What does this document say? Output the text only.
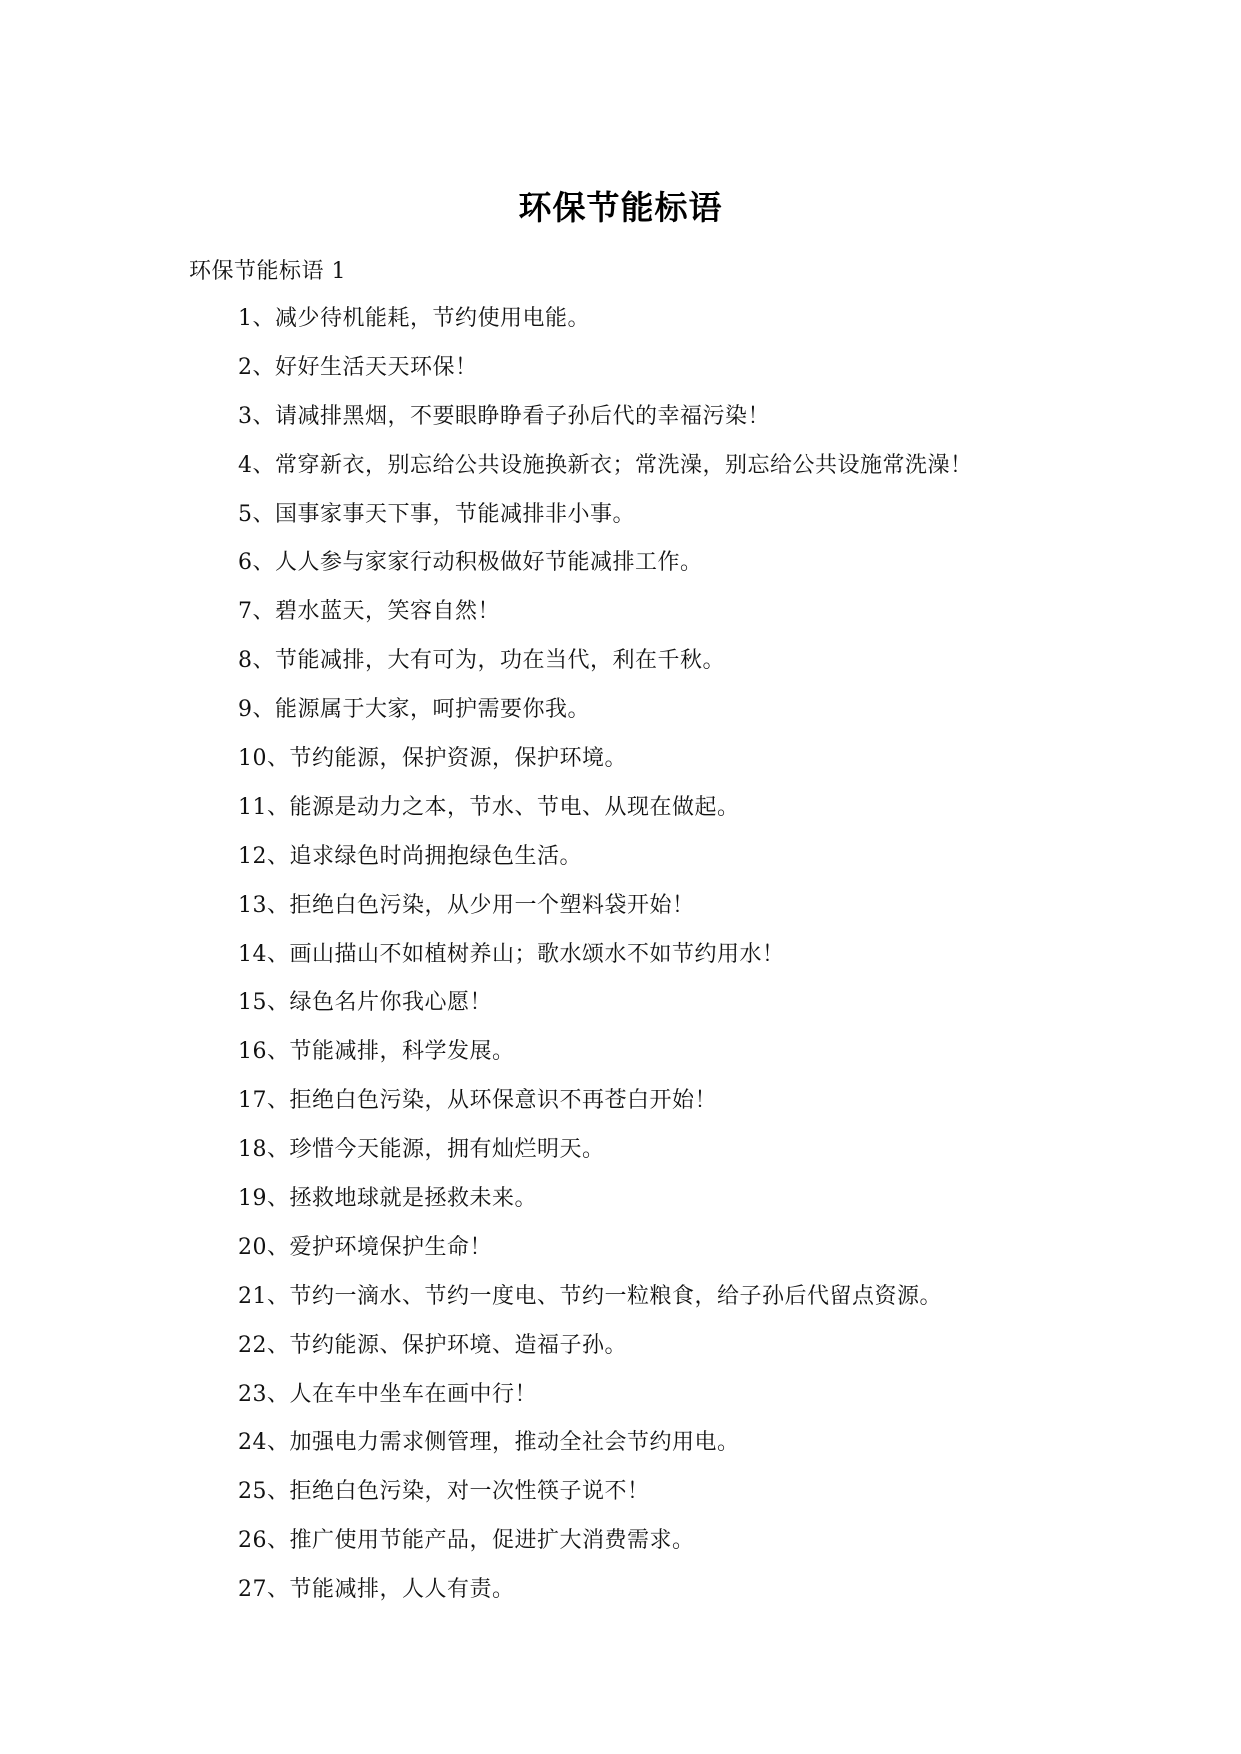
环保节能标语

环保节能标语 1

1、减少待机能耗，节约使用电能。
2、好好生活天天环保！
3、请减排黑烟，不要眼睁睁看子孙后代的幸福污染！
4、常穿新衣，别忘给公共设施换新衣；常洗澡，别忘给公共设施常洗澡！
5、国事家事天下事，节能减排非小事。
6、人人参与家家行动积极做好节能减排工作。
7、碧水蓝天，笑容自然！
8、节能减排，大有可为，功在当代，利在千秋。
9、能源属于大家，呵护需要你我。
10、节约能源，保护资源，保护环境。
11、能源是动力之本，节水、节电、从现在做起。
12、追求绿色时尚拥抱绿色生活。
13、拒绝白色污染，从少用一个塑料袋开始！
14、画山描山不如植树养山；歌水颂水不如节约用水！
15、绿色名片你我心愿！
16、节能减排，科学发展。
17、拒绝白色污染，从环保意识不再苍白开始！
18、珍惜今天能源，拥有灿烂明天。
19、拯救地球就是拯救未来。
20、爱护环境保护生命！
21、节约一滴水、节约一度电、节约一粒粮食，给子孙后代留点资源。
22、节约能源、保护环境、造福子孙。
23、人在车中坐车在画中行！
24、加强电力需求侧管理，推动全社会节约用电。
25、拒绝白色污染，对一次性筷子说不！
26、推广使用节能产品，促进扩大消费需求。
27、节能减排，人人有责。
